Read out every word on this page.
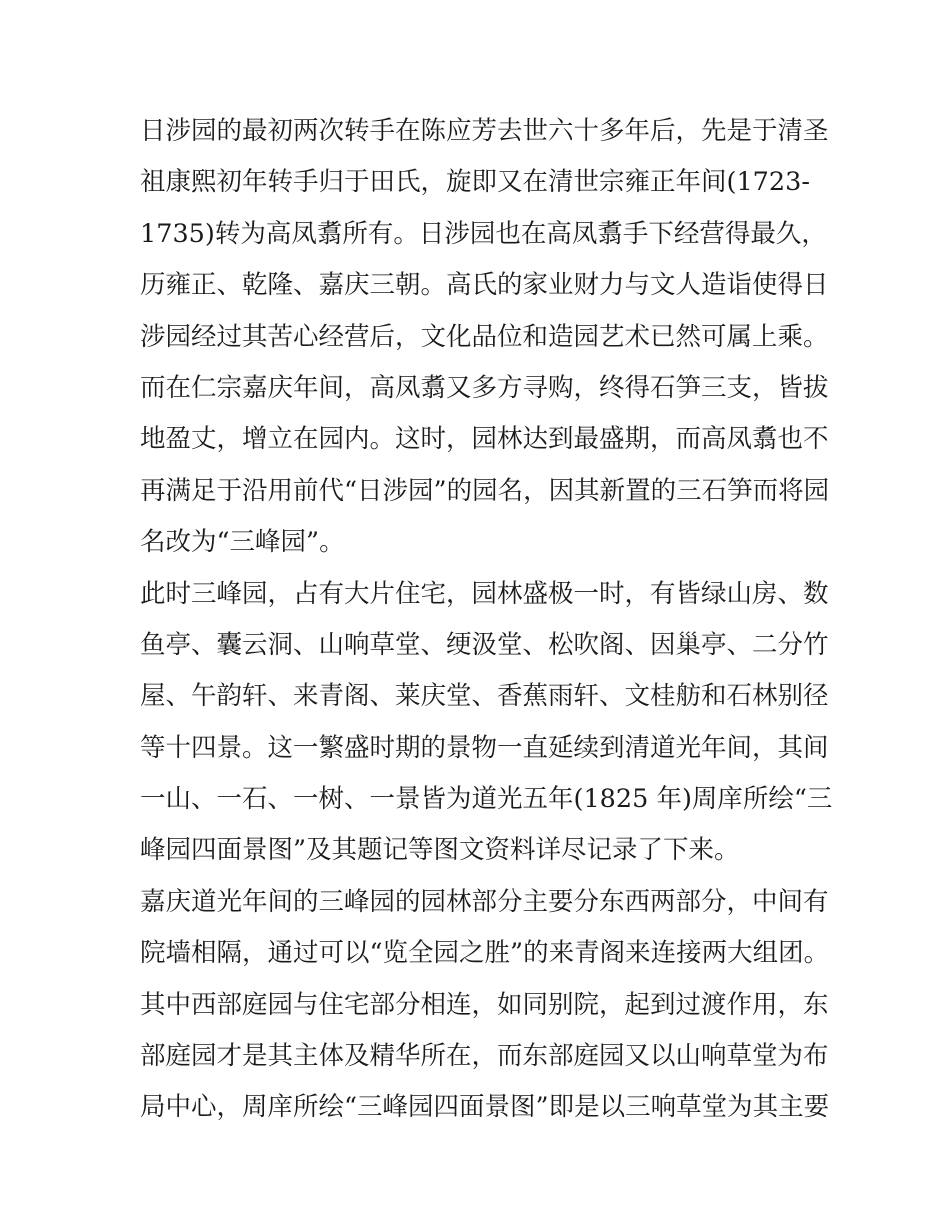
日涉园的最初两次转手在陈应芳去世六十多年后，先是于清圣
祖康熙初年转手归于田氏，旋即又在清世宗雍正年间(1723-
1735)转为高凤翥所有。日涉园也在高凤翥手下经营得最久，
历雍正、乾隆、嘉庆三朝。高氏的家业财力与文人造诣使得日
涉园经过其苦心经营后，文化品位和造园艺术已然可属上乘。
而在仁宗嘉庆年间，高凤翥又多方寻购，终得石笋三支，皆拔
地盈丈，增立在园内。这时，园林达到最盛期，而高凤翥也不
再满足于沿用前代“日涉园”的园名，因其新置的三石笋而将园
名改为“三峰园”。
此时三峰园，占有大片住宅，园林盛极一时，有皆绿山房、数
鱼亭、囊云洞、山响草堂、绠汲堂、松吹阁、因巢亭、二分竹
屋、午韵轩、来青阁、莱庆堂、香蕉雨轩、文桂舫和石林别径
等十四景。这一繁盛时期的景物一直延续到清道光年间，其间
一山、一石、一树、一景皆为道光五年(1825 年)周庠所绘“三
峰园四面景图”及其题记等图文资料详尽记录了下来。
嘉庆道光年间的三峰园的园林部分主要分东西两部分，中间有
院墙相隔，通过可以“览全园之胜”的来青阁来连接两大组团。
其中西部庭园与住宅部分相连，如同别院，起到过渡作用，东
部庭园才是其主体及精华所在，而东部庭园又以山响草堂为布
局中心，周庠所绘“三峰园四面景图”即是以三响草堂为其主要
